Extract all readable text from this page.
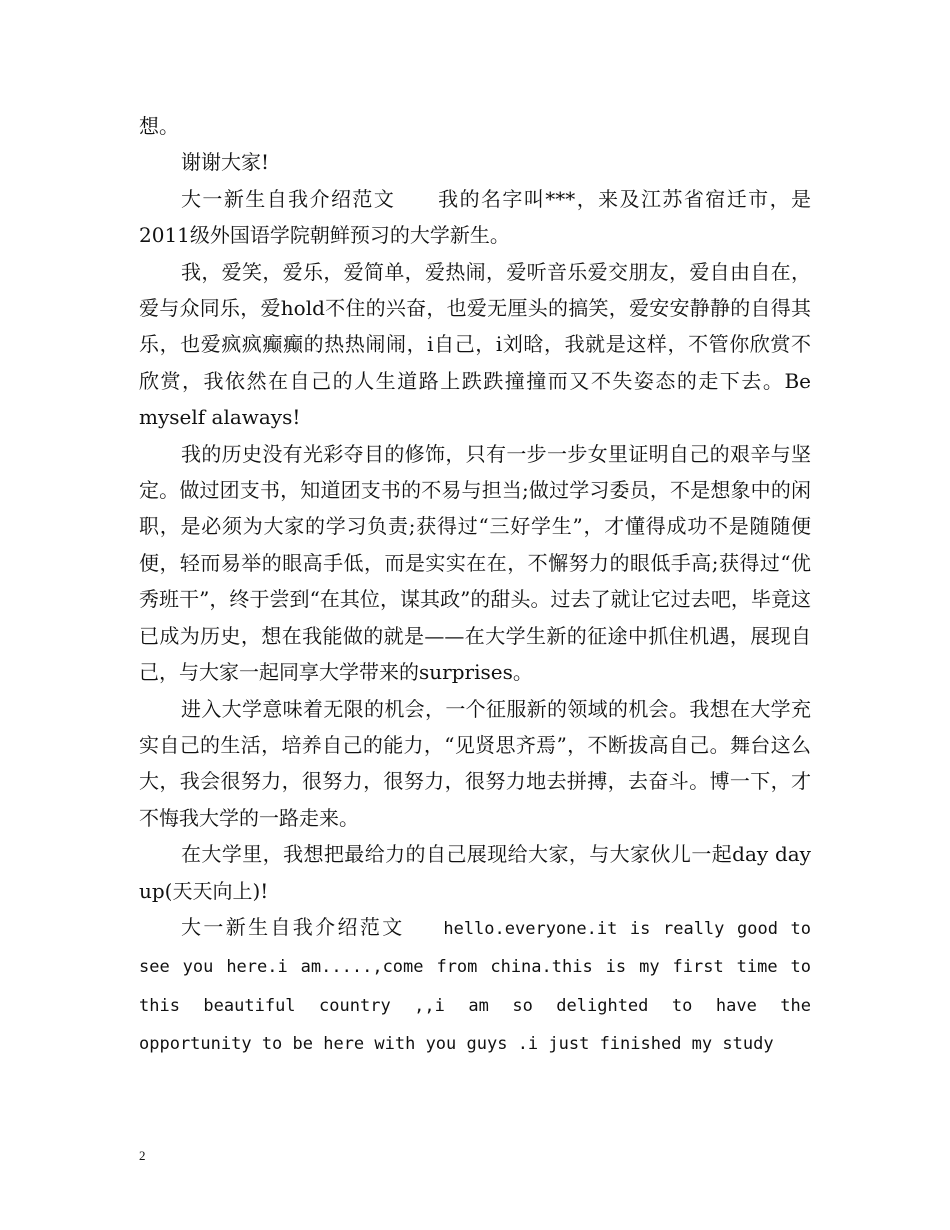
想。

谢谢大家!

大一新生自我介绍范文　　我的名字叫***，来及江苏省宿迁市，是2011级外国语学院朝鲜预习的大学新生。

我，爱笑，爱乐，爱简单，爱热闹，爱听音乐爱交朋友，爱自由自在，爱与众同乐，爱hold不住的兴奋，也爱无厘头的搞笑，爱安安静静的自得其乐，也爱疯疯癫癫的热热闹闹，i自己，i刘晗，我就是这样，不管你欣赏不欣赏，我依然在自己的人生道路上跌跌撞撞而又不失姿态的走下去。Be myself alaways!

我的历史没有光彩夺目的修饰，只有一步一步女里证明自己的艰辛与坚定。做过团支书，知道团支书的不易与担当;做过学习委员，不是想象中的闲职，是必须为大家的学习负责;获得过“三好学生”，才懂得成功不是随随便便，轻而易举的眼高手低，而是实实在在，不懈努力的眼低手高;获得过“优秀班干”，终于尝到“在其位，谋其政”的甜头。过去了就让它过去吧，毕竟这已成为历史，想在我能做的就是——在大学生新的征途中抓住机遇，展现自己，与大家一起同享大学带来的surprises。

进入大学意味着无限的机会，一个征服新的领域的机会。我想在大学充实自己的生活，培养自己的能力，“见贤思齐焉”，不断拔高自己。舞台这么大，我会很努力，很努力，很努力，很努力地去拼搏，去奋斗。博一下，才不悔我大学的一路走来。

在大学里，我想把最给力的自己展现给大家，与大家伙儿一起day day up(天天向上)!

大一新生自我介绍范文　　 hello.everyone.it is really good to see you here.i am.....,come from china.this is my first time to this beautiful country ,,i am so delighted to have the opportunity to be here with you guys .i just finished my study

2
